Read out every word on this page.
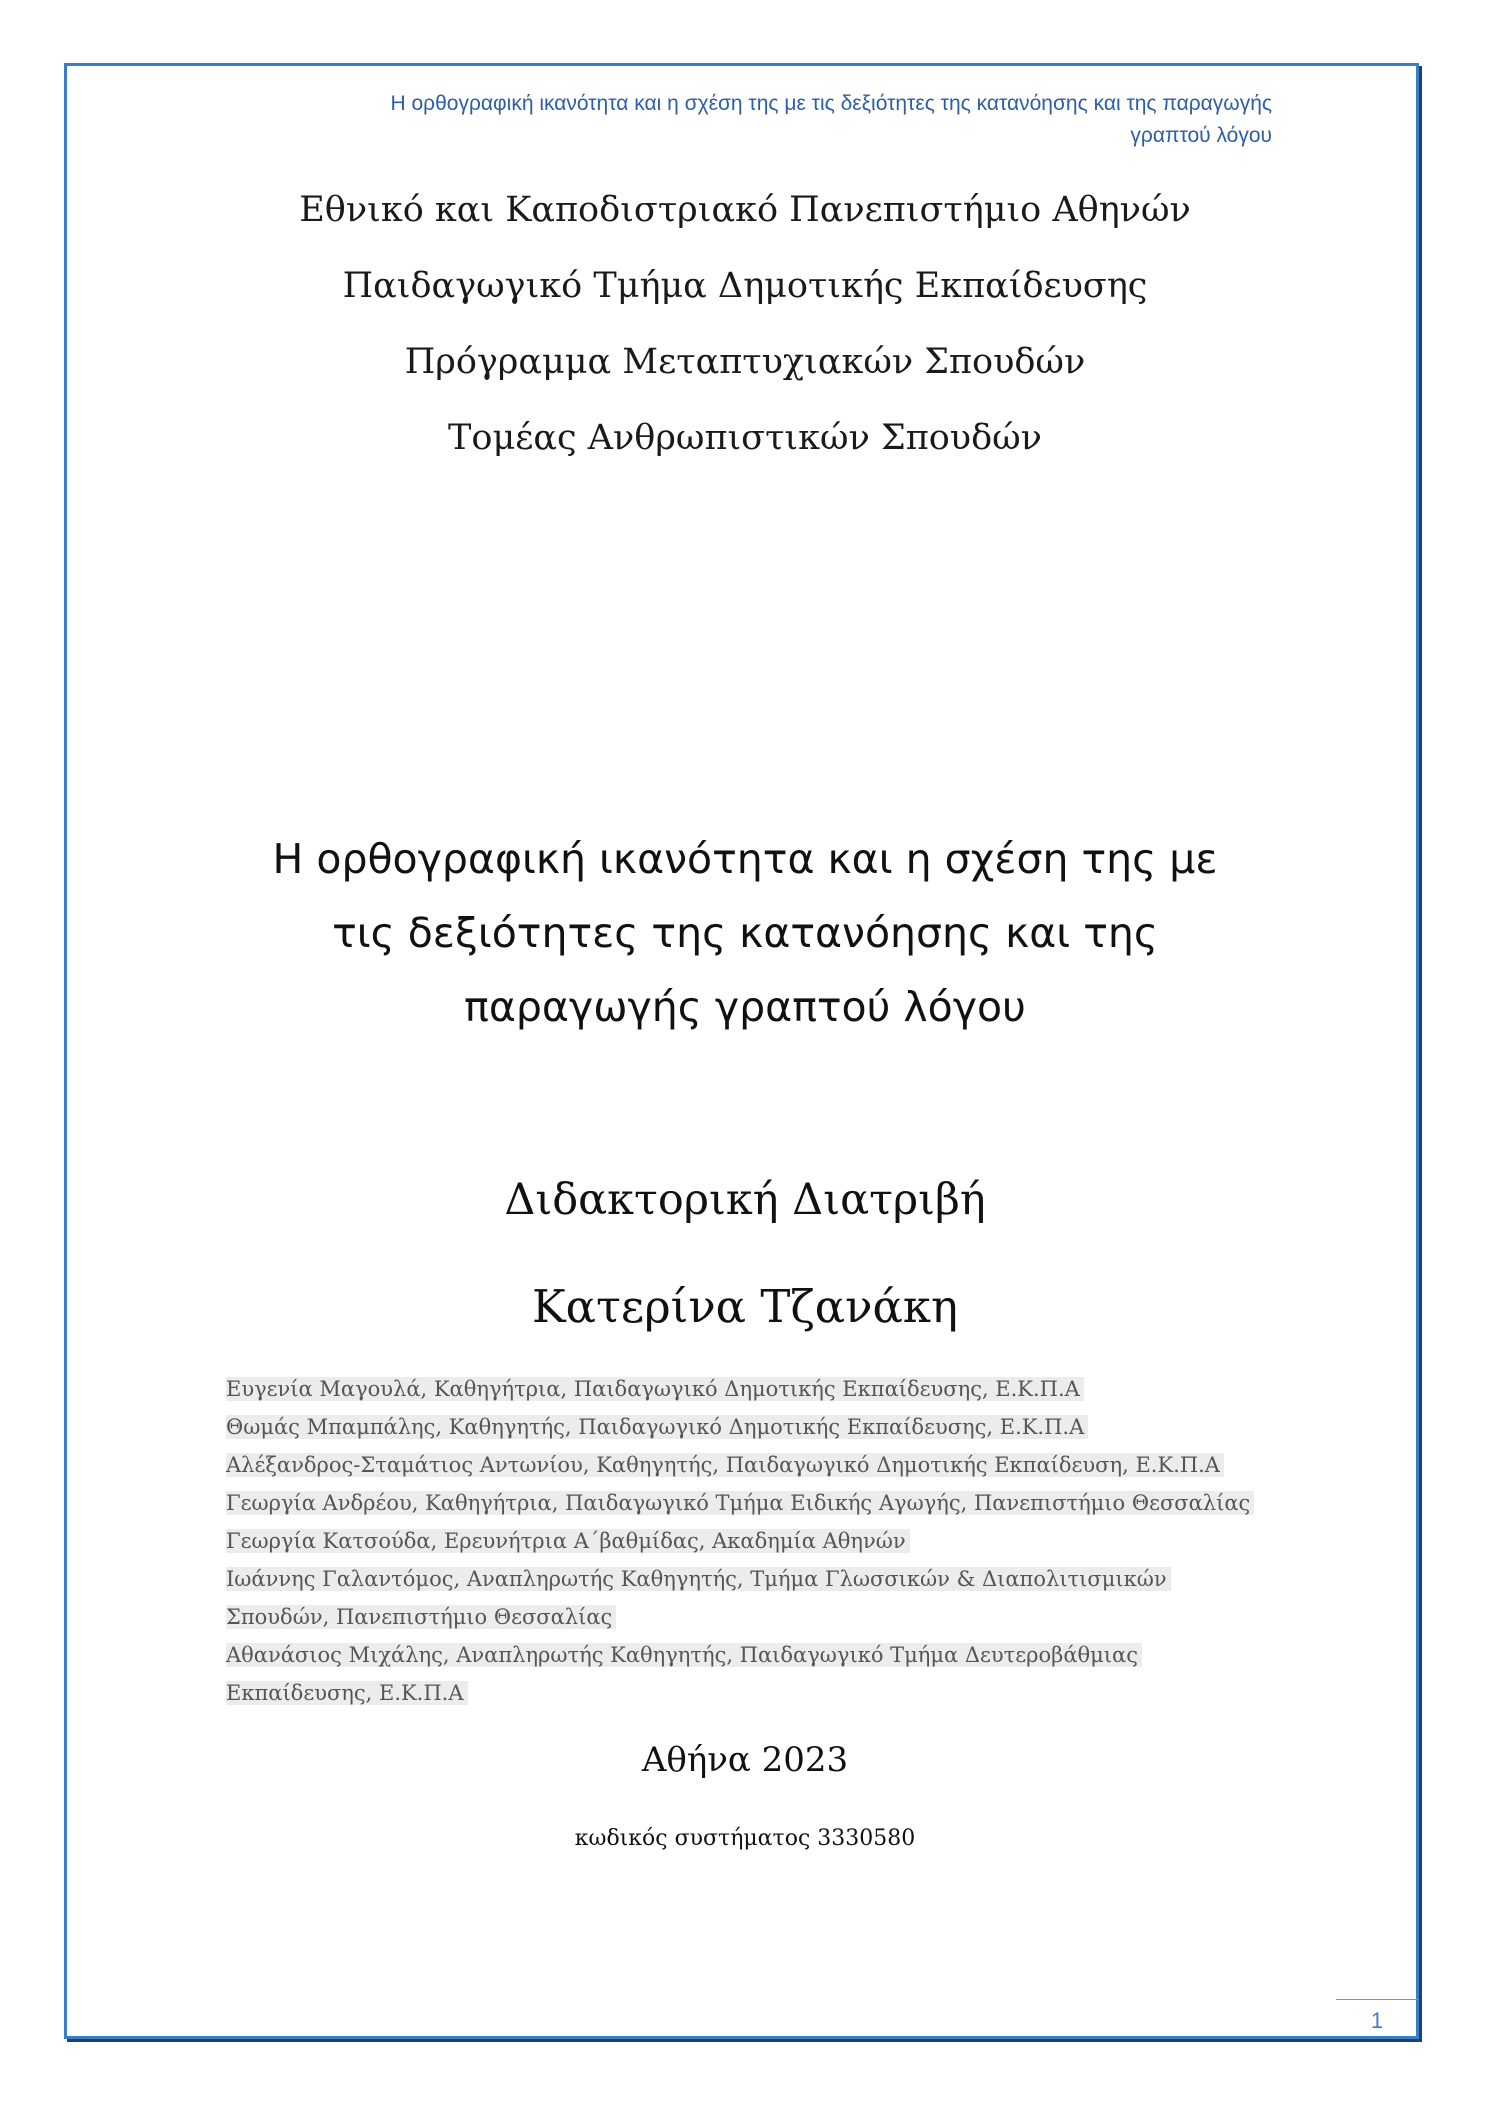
Η ορθογραφική ικανότητα και η σχέση της με τις δεξιότητες της κατανόησης και της παραγωγής
γραπτού λόγου
Εθνικό και Καποδιστριακό Πανεπιστήμιο Αθηνών
Παιδαγωγικό Τμήμα Δημοτικής Εκπαίδευσης
Πρόγραμμα Μεταπτυχιακών Σπουδών
Τομέας Ανθρωπιστικών Σπουδών
Η ορθογραφική ικανότητα και η σχέση της με
τις δεξιότητες της κατανόησης και της
παραγωγής γραπτού λόγου
Διδακτορική Διατριβή
Κατερίνα Τζανάκη
Ευγενία Μαγουλά, Καθηγήτρια, Παιδαγωγικό Δημοτικής Εκπαίδευσης, Ε.Κ.Π.Α
Θωμάς Μπαμπάλης, Καθηγητής, Παιδαγωγικό Δημοτικής Εκπαίδευσης, Ε.Κ.Π.Α
Αλέξανδρος-Σταμάτιος Αντωνίου, Καθηγητής, Παιδαγωγικό Δημοτικής Εκπαίδευση, Ε.Κ.Π.Α
Γεωργία Ανδρέου, Καθηγήτρια, Παιδαγωγικό Τμήμα Ειδικής Αγωγής, Πανεπιστήμιο Θεσσαλίας
Γεωργία Κατσούδα, Ερευνήτρια Α΄βαθμίδας, Ακαδημία Αθηνών
Ιωάννης Γαλαντόμος, Αναπληρωτής Καθηγητής, Τμήμα Γλωσσικών & Διαπολιτισμικών
Σπουδών, Πανεπιστήμιο Θεσσαλίας
Αθανάσιος Μιχάλης, Αναπληρωτής Καθηγητής, Παιδαγωγικό Τμήμα Δευτεροβάθμιας
Εκπαίδευσης, Ε.Κ.Π.Α
Αθήνα 2023
κωδικός συστήματος 3330580
1
